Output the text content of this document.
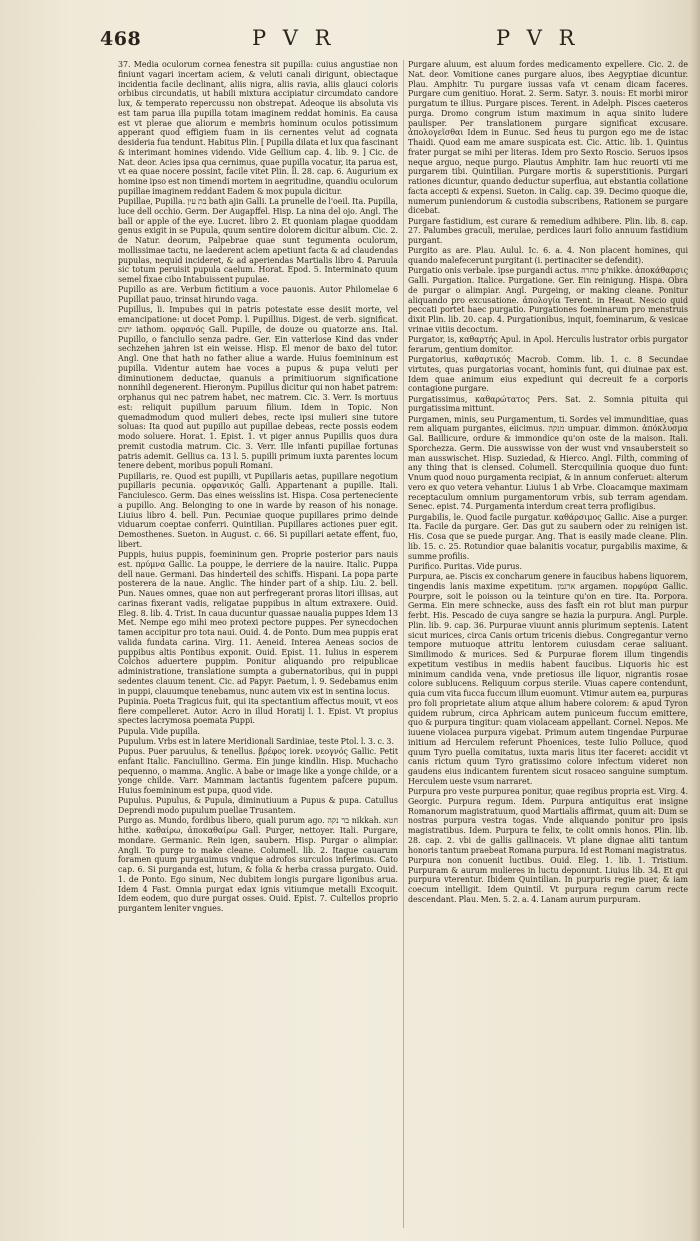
468	P V R	P V R

37. Media oculorum cornea fenestra sit pupilla: cuius angustiae non finiunt vagari incertam aciem, & veluti canali dirigunt, obiectaque incidentia facile declinant, aliis nigra, aliis ravia, aliis glauci coloris orbibus circundatis, ut habili mixtura accipiatur circumdato candore lux, & temperato repercussu non obstrepat. Adeoque iis absoluta vis est tam parua illa pupilla totam imaginem reddat hominis. Ea causa est vt plerae que aliorum e membris hominum oculos potissimum apperant quod effigiem fuam in iis cernentes velut ad cognata desideria fua tendunt. Habitus Plin. [ Pupilla dilata et lux qua fascinant & interimant homines videndo. Vide Gellium cap. 4. lib. 9. ] Cic. de Nat. deor. Acies ipsa qua cernimus, quae pupilla vocatur, ita parua est, vt ea quae nocere possint, facile vitet Plin. ll. 28. cap. 6. Augurium ex homine ipso est non timendi mortem in aegritudine, quandiu oculorum pupillae imaginem reddant Eadem & mox pupula dicitur.

Pupillae, Pupilla. בת עין bath ajin Galli. La prunelle de l'oeil. Ita. Pupilla, luce dell occhio. Germ. Der Augapffel. Hisp. La nina del ojo. Angl. The ball or apple of the eye. Lucret. libro 2. Et quoniam plagae quoddam genus exigit in se Pupula, quum sentire dolorem dicitur album. Cic. 2. de Natur. deorum, Palpebrae quae sunt tegumenta oculorum, mollissimae tactu, ne laederent aciem apetiunt facta & ad claudendas pupulas, nequid incideret, & ad aperiendas Martialis libro 4. Paruula sic totum peruisit pupula caelum. Horat. Epod. 5. Interminato quum semel fixae cibo Intabuissent pupulae.

Pupillo as are. Verbum fictitium a voce pauonis. Autor Philomelae 6 Pupillat pauo, trinsat hirundo vaga.

Pupillus, li. Impubes qui in patris potestate esse desiit morte, vel emancipatione: ut docet Pomp. l. Pupillius. Digest. de verb. significat. יתום iathom. ορφανός Gall. Pupille, de douze ou quatorze ans. Ital. Pupillo, o fanciullo senza padre. Ger. Ein vatterlose Kind das vnder sechzehen jahren ist ein weisse. Hisp. El menor de baxo del tutor. Angl. One that hath no father aliue a warde. Huius foemininum est pupilla. Videntur autem hae voces a pupus & pupa veluti per diminutionem deductae, quanuis a primitiuorum significatione nonnihil degenerent. Hieronym. Pupillus dicitur qui non habet patrem: orphanus qui nec patrem habet, nec matrem. Cic. 3. Verr. Is mortuus est: reliquit pupillum paruum filium. Idem in Topic. Non quemadmodum quod mulieri debes, recte ipsi mulieri sine tutore soluas: Ita quod aut pupillo aut pupillae debeas, recte possis eodem modo soluere. Horat. 1. Epist. 1. vt piger annus Pupillis quos dura premit custodia matrum. Cic. 3. Verr. Ille infanti pupillae fortunas patris ademit. Gellius ca. 13 l. 5. pupilli primum iuxta parentes locum tenere debent, moribus populi Romani.

Pupillaris, re. Quod est pupilli, vt Pupillaris aetas, pupillare negotium pupillaris pecunia. ορφανικός Galli. Appartenant a pupille. Itali. Fanciulesco. Germ. Das eines weisslins ist. Hispa. Cosa perteneciente a pupillo. Ang. Belonging to one in warde by reason of his nonage. Liuius libro 4. bell. Pun. Pecuniae quoque pupillares primo deinde viduarum coeptae conferri. Quintilian. Pupillares actiones puer egit. Demosthenes. Sueton. in August. c. 66. Si pupillari aetate effent, fuo, libert.

Puppis, huius puppis, foemininum gen. Proprie posterior pars nauis est. πρύμνα Gallic. La pouppe, le derriere de la nauire. Italic. Puppa dell naue. Germani. Das hinderteil des schiffs. Hispani. La popa parte posterera de la naue. Anglic. The hinder part of a ship. Liu. 2. bell. Pun. Naues omnes, quae non aut perfregerant proras litori illisas, aut carinas fixerant vadis, religatae puppibus in altum extraxere. Ouid. Eleg. 8. lib. 4. Trist. In caua ducuntur quassae naualia puppes Idem 13 Met. Nempe ego mihi meo protexi pectore puppes. Per synecdochen tamen accipitur pro tota naui. Ouid. 4. de Ponto. Dum mea puppis erat valida fundata carina. Virg. 11. Aeneid. Interea Aeneas socios de puppibus altis Pontibus exponit. Ouid. Epist. 11. Iulius in esperem Colchos aduertere puppim. Ponitur aliquando pro reipublicae administratione, translatione sumpta a gubernatoribus, qui in puppi sedentes clauum tenent. Cic. ad Papyr. Paetum, l. 9. Sedebamus enim in puppi, clauumque tenebamus, nunc autem vix est in sentina locus.

Pupinia. Poeta Tragicus fuit, qui ita spectantium affectus mouit, vt eos flere compelleret. Autor. Acro in illud Horatij l. 1. Epist. Vt propius spectes lacrymosa poemata Puppi.

Pupula. Vide pupilla.

Pupulum. Vrbs est in latere Meridionali Sardiniae, teste Ptol. l. 3. c. 3.

Pupus. Puer paruulus, & tenellus. βρέφος iorek. νεογνός Gallic. Petit enfant Italic. Fanciullino. Germa. Ein junge kindlin. Hisp. Muchacho pequenno, o mamma. Anglic. A babe or image like a yonge childe, or a yonge childe. Varr. Mammam lactantis fugentem pafcere pupum. Huius foemininum est pupa, quod vide.

Pupulus. Pupulus, & Pupula, diminutiuum a Pupus & pupa. Catullus Deprendi modo pupulum puellae Trusantem.

Purgo as. Mundo, fordibus libero, quali purum ago. בר נקה nikkah. חטא hithe. καθαίρω, ἀποκαθαίρω Gall. Purger, nettoyer. Itali. Purgare, mondare. Germanic. Rein igen, saubern. Hisp. Purgar o alimpiar. Angli. To purge to make cleane. Columell. lib. 2. Itaque cauarum foramen quum purgauimus vndique adrofos surculos inferimus. Cato cap. 6. Si purganda est, lutum, & folia & herba crassa purgato. Ouid. 1. de Ponto. Ego sinum, Nec dubitem longis purgare ligonibus arua. Idem 4 Fast. Omnia purgat edax ignis vitiumque metalli Excoquit. Idem eodem, quo dure purgat osses. Ouid. Epist. 7. Cultellos proprio purgantem leniter vngues.

Purgare aluum, est aluum fordes medicamento expellere. Cic. 2. de Nat. deor. Vomitione canes purgare aluos, ibes Aegyptiae dicuntur. Plau. Amphitr. Tu purgare iussas vafa vt cenam dicam faceres. Purgare cum genitiuo. Horat. 2. Serm. Satyr. 3. nouis: Et morbi miror purgatum te illius. Purgare pisces. Terent. in Adelph. Pisces caeteros purga. Dromo congrum istum maximum in aqua sinito ludere paulisper. Per translationem purgare significat excusare. ἀπολογεῖσθαι Idem in Eunuc. Sed heus tu purgon ego me de istac Thaidi. Quod eam me amare suspicata est. Cic. Attic. lib. 1. Quintus frater purgat se mihi per literas. Idem pro Sexto Roscio. Seruos ipsos neque arguo, neque purgo. Plautus Amphitr. Iam huc reuorti vti me purgarem tibi. Quintilian. Purgare mortis & superstitionis. Purgari rationes dicuntur, quando deductur superflua, aut ebstantia collatione facta accepti & expensi. Sueton. in Calig. cap. 39. Decimo quoque die, numerum puniendorum & custodia subscribens, Rationem se purgare dicebat.

Purgare fastidium, est curare & remedium adhibere. Plin. lib. 8. cap. 27. Palumbes graculi, merulae, perdices lauri folio annuum fastidium purgant.

Purgito as are. Plau. Aulul. Ic. 6. a. 4. Non placent homines, qui quando malefecerunt purgitant (i. pertinaciter se defendit).

Purgatio onis verbale. ipse purgandi actus. טהרה p'nikke. ἀποκάθαρσις Galli. Purgation. Italice. Purgatione. Ger. Ein reinigung. Hispa. Obra de purgar o alimpiar. Angl. Purgeing, or making cleane. Ponitur aliquando pro excusatione. ἀπολογία Terent. in Heaut. Nescio quid peccati portet haec purgatio. Purgationes foeminarum pro menstruis dixit Plin. lib. 20. cap. 4. Purgationibus, inquit, foeminarum, & vesicae vrinae vitiis decoctum.

Purgator, is, καθαρτής Apul. in Apol. Herculis lustrator orbis purgator ferarum, gentium domitor.

Purgatorius, καθαρτικός Macrob. Comm. lib. 1. c. 8 Secundae virtutes, quas purgatorias vocant, hominis funt, qui diuinae pax est. Idem quae animum eius expediunt qui decreuit fe a corporis contagione purgare.

Purgatissimus, καθαρώτατος Pers. Sat. 2. Somnia pituita qui purgatissima mittunt.

Purgamen, minis, seu Purgamentum, ti. Sordes vel immunditiae, quas rem aliquam purgantes, eiicimus. מנקה umpuar. dimmon. ἀπόκλυσμα Gal. Baillicure, ordure & immondice qu'on oste de la maison. Itali. Sporchezza. Germ. Die ausswisse von der wust vnd vnsaubersteit so man ausswischet. Hisp. Suziedad, & Hierco. Angl. Filth, comming of any thing that is clensed. Columell. Stercquilinia quoque duo funt: Vnum quod nouo purgamenta recipiat, & in annum conferuet: alterum vero ex quo vetera vehantur. Liuius 1 ab Vrbe. Cloacamque maximam receptaculum omnium purgamentorum vrbis, sub terram agendam. Senec. epist. 74. Purgamenta interdum creat terra profligibus.

Purgabilis, le. Quod facile purgatur. καθάρσιμος Gallic. Aise a purger. Ita. Facile da purgare. Ger. Das gut zu saubern oder zu reinigen ist. His. Cosa que se puede purgar. Ang. That is easily made cleane. Plin. lib. 15. c. 25. Rotundior quae balanitis vocatur, purgabilis maxime, & summe profilis.

Purifico. Puritas. Vide purus.

Purpura, ae. Piscis ex concharum genere in faucibus habens liquorem, tingendis lanis maxime expetitum. ארגמן argamen. πορφύρα Gallic. Pourpre, soit le poisson ou la teinture qu'on en tire. Ita. Porpora. Germa. Ein mere schnecke, auss des fasft ein rot blut man purpur ferbt. His. Pescado de cuya sangre se hazia la purpura. Angl. Purple. Plin. lib. 9. cap. 36. Purpurae viuunt annis plurimum septenis. Latent sicut murices, circa Canis ortum tricenis diebus. Congregantur verno tempore mutuoque attritu lentorem cuiusdam cerae saliuant. Similimodo & murices. Sed & Purpurae florem illum tingendis expetitum vestibus in mediis habent faucibus. Liquoris hic est minimum candida vena, vnde pretiosus ille liquor, nigrantis rosae colore sublucens. Reliquum corpus sterile. Viuas capere contendunt, quia cum vita fucca fuccum illum euomunt. Vtimur autem ea, purpuras pro foli proprietate alium atque alium habere colorem: & apud Tyron quidem rubrum, circa Aphricam autem puniceum fuccum emittere, quo & purpura tingitur: quam violaceam appellant. Cornel. Nepos. Me iuuene violacea purpura vigebat. Primum autem tingendae Purpurae initium ad Herculem referunt Phoenices, teste Iulio Polluce, quod quum Tyro puella comitatus, iuxta maris litus iter faceret: accidit vt canis rictum quum Tyro gratissimo colore infectum videret non gaudens eius indicantem furentem sicut rosaceo sanguine sumptum. Herculem ueste vsum narraret.

Purpura pro veste purpurea ponitur, quae regibus propria est. Virg. 4. Georgic. Purpura regum. Idem. Purpura antiquitus erat insigne Romanorum magistratuum, quod Martialis affirmat, quum ait: Dum se nostras purpura vestra togas. Vnde aliquando ponitur pro ipsis magistratibus. Idem. Purpura te felix, te colit omnis honos. Plin. lib. 28. cap. 2. vbi de gallis gallinaceis. Vt plane dignae aliti tantum honoris tantum praebeat Romana purpura. Id est Romani magistratus.

Purpura non conuenit luctibus. Ouid. Eleg. 1. lib. 1. Tristium. Purpuram & aurum mulieres in luctu deponunt. Liuius lib. 34. Et qui purpura vterentur. Ibidem Quintilian. In purpuris regie puer, & iam coecum intelligit. Idem Quintil. Vt purpura regum carum recte descendant. Plau. Men. 5. 2. a. 4. Lanam aurum purpuram.
